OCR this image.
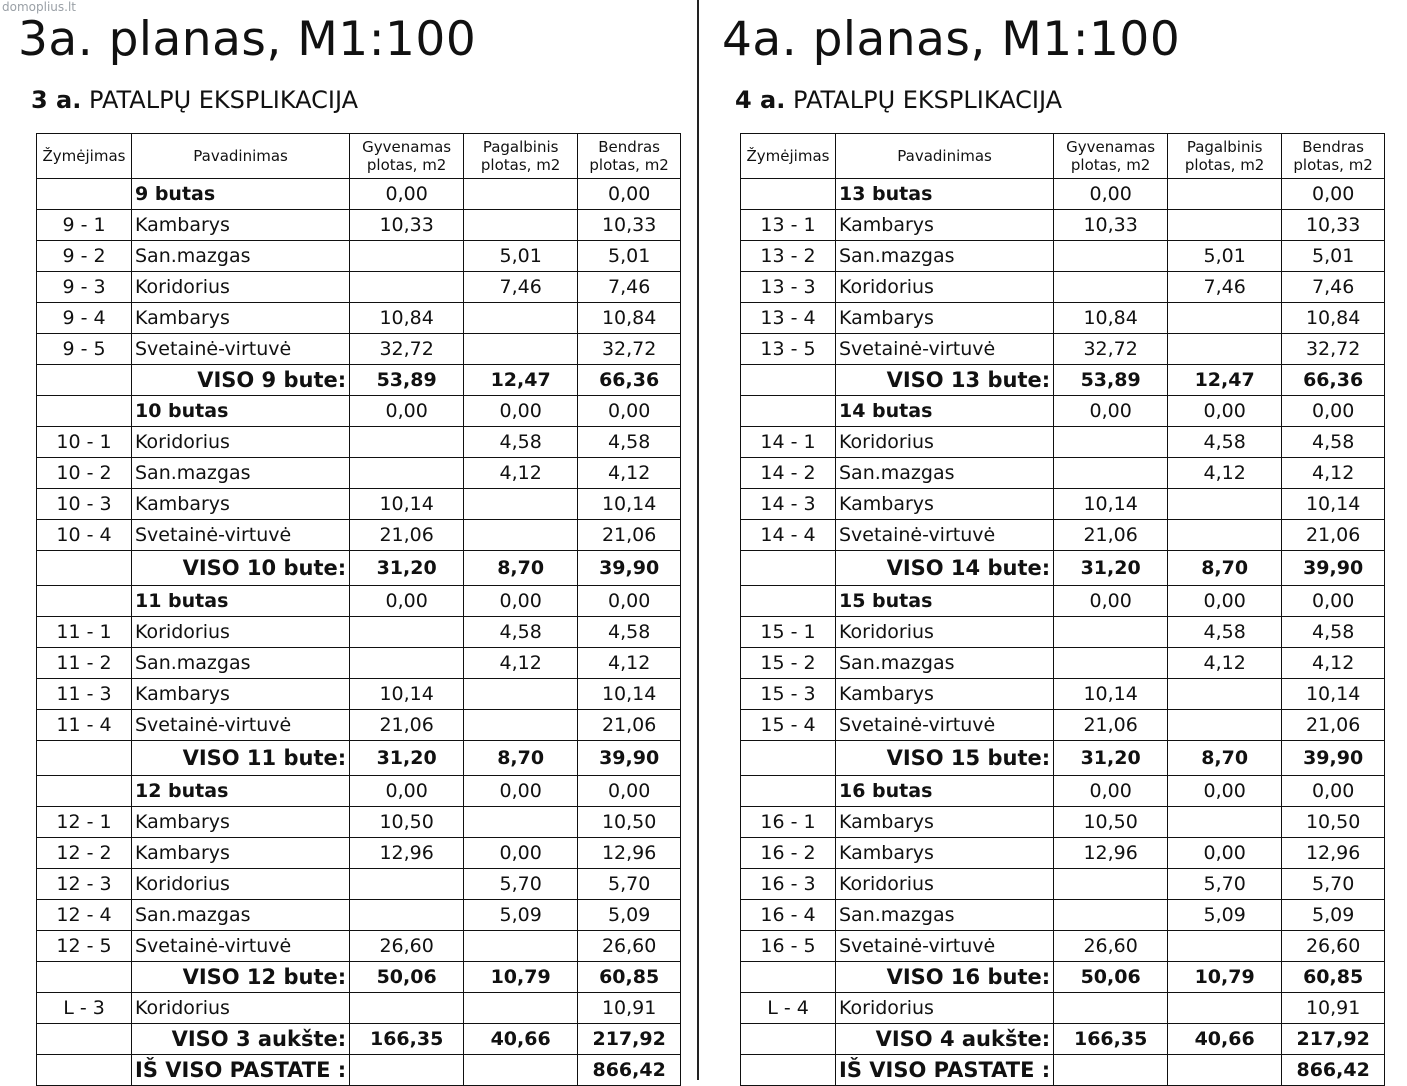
domoplius.lt
3a. planas, M1:100
3 a. PATALPŲ EKSPLIKACIJA
Žymėjimas	Pavadinimas	Gyvenamas plotas, m2	Pagalbinis plotas, m2	Bendras plotas, m2
	9 butas	0,00		0,00
9 - 1	Kambarys	10,33		10,33
9 - 2	San.mazgas		5,01	5,01
9 - 3	Koridorius		7,46	7,46
9 - 4	Kambarys	10,84		10,84
9 - 5	Svetainė-virtuvė	32,72		32,72
	VISO 9 bute:	53,89	12,47	66,36
	10 butas	0,00	0,00	0,00
10 - 1	Koridorius		4,58	4,58
10 - 2	San.mazgas		4,12	4,12
10 - 3	Kambarys	10,14		10,14
10 - 4	Svetainė-virtuvė	21,06		21,06
	VISO 10 bute:	31,20	8,70	39,90
	11 butas	0,00	0,00	0,00
11 - 1	Koridorius		4,58	4,58
11 - 2	San.mazgas		4,12	4,12
11 - 3	Kambarys	10,14		10,14
11 - 4	Svetainė-virtuvė	21,06		21,06
	VISO 11 bute:	31,20	8,70	39,90
	12 butas	0,00	0,00	0,00
12 - 1	Kambarys	10,50		10,50
12 - 2	Kambarys	12,96	0,00	12,96
12 - 3	Koridorius		5,70	5,70
12 - 4	San.mazgas		5,09	5,09
12 - 5	Svetainė-virtuvė	26,60		26,60
	VISO 12 bute:	50,06	10,79	60,85
L - 3	Koridorius			10,91
	VISO 3 aukšte:	166,35	40,66	217,92
	IŠ VISO PASTATE :			866,42
4a. planas, M1:100
4 a. PATALPŲ EKSPLIKACIJA
Žymėjimas	Pavadinimas	Gyvenamas plotas, m2	Pagalbinis plotas, m2	Bendras plotas, m2
	13 butas	0,00		0,00
13 - 1	Kambarys	10,33		10,33
13 - 2	San.mazgas		5,01	5,01
13 - 3	Koridorius		7,46	7,46
13 - 4	Kambarys	10,84		10,84
13 - 5	Svetainė-virtuvė	32,72		32,72
	VISO 13 bute:	53,89	12,47	66,36
	14 butas	0,00	0,00	0,00
14 - 1	Koridorius		4,58	4,58
14 - 2	San.mazgas		4,12	4,12
14 - 3	Kambarys	10,14		10,14
14 - 4	Svetainė-virtuvė	21,06		21,06
	VISO 14 bute:	31,20	8,70	39,90
	15 butas	0,00	0,00	0,00
15 - 1	Koridorius		4,58	4,58
15 - 2	San.mazgas		4,12	4,12
15 - 3	Kambarys	10,14		10,14
15 - 4	Svetainė-virtuvė	21,06		21,06
	VISO 15 bute:	31,20	8,70	39,90
	16 butas	0,00	0,00	0,00
16 - 1	Kambarys	10,50		10,50
16 - 2	Kambarys	12,96	0,00	12,96
16 - 3	Koridorius		5,70	5,70
16 - 4	San.mazgas		5,09	5,09
16 - 5	Svetainė-virtuvė	26,60		26,60
	VISO 16 bute:	50,06	10,79	60,85
L - 4	Koridorius			10,91
	VISO 4 aukšte:	166,35	40,66	217,92
	IŠ VISO PASTATE :			866,42
